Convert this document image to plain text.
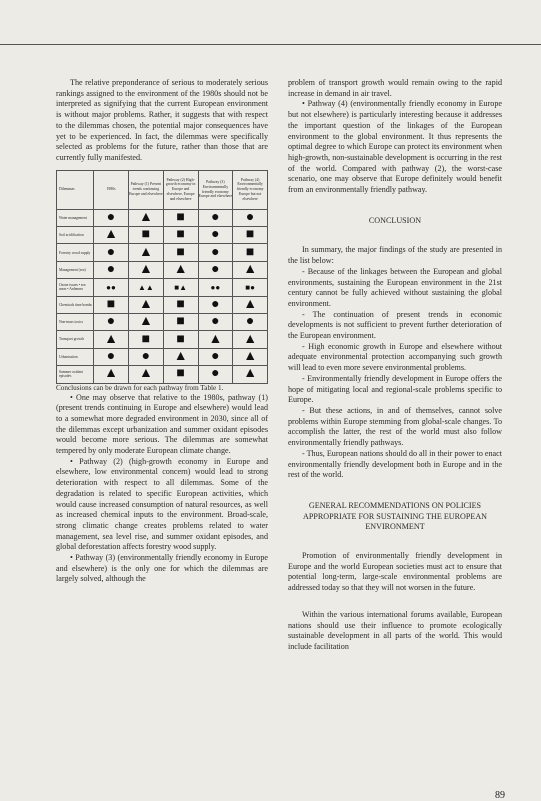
The relative preponderance of serious to moderately serious rankings assigned to the environment of the 1980s should not be interpreted as signifying that the current European environment is without major problems. Rather, it suggests that with respect to the dilemmas chosen, the potential major consequences have yet to be experienced. In fact, the dilemmas were specifically selected as problems for the future, rather than those that are currently fully manifested.

Dilemmas	1980s	Pathway (1) Present trends continuing Europe and elsewhere	Pathway (2) High-growth economy in Europe and elsewhere, Europe and elsewhere	Pathway (3) Environmentally friendly economy Europe and elsewhere	Pathway (4) Environmentally friendly economy Europe but not elsewhere
Water management	●	▲	■	●	●
Soil acidification	▲	■	■	●	■
Forestry wood supply	●	▲	■	●	■
Management (sea)	●	▲	▲	●	▲
Ozone issues • sea areas • Ardennes	●●	▲▲	■▲	●●	■●
Chemicals time bombs	■	▲	■	●	▲
Non-mass toxics	●	▲	■	●	●
Transport growth	▲	■	■	▲	▲
Urbanisation	●	●	▲	●	▲
Summer oxidant episodes	▲	▲	■	●	▲

Conclusions can be drawn for each pathway from Table 1.

• One may observe that relative to the 1980s, pathway (1) (present trends continuing in Europe and elsewhere) would lead to a somewhat more degraded environment in 2030, since all of the dilemmas except urbanization and summer oxidant episodes would become more serious. The dilemmas are somewhat tempered by only moderate European climate change.

• Pathway (2) (high-growth economy in Europe and elsewhere, low environmental concern) would lead to strong deterioration with respect to all dilemmas. Some of the degradation is related to specific European activities, which would cause increased consumption of natural resources, as well as increased chemical inputs to the environment. Broad-scale, strong climatic change creates problems related to water management, sea level rise, and summer oxidant episodes, and global deforestation affects forestry wood supply.

• Pathway (3) (environmentally friendly economy in Europe and elsewhere) is the only one for which the dilemmas are largely solved, although the

problem of transport growth would remain owing to the rapid increase in demand in air travel.

• Pathway (4) (environmentally friendly economy in Europe but not elsewhere) is particularly interesting because it addresses the important question of the linkages of the European environment to the global environment. It thus represents the optimal degree to which Europe can protect its environment when high-growth, non-sustainable development is occurring in the rest of the world. Compared with pathway (2), the worst-case scenario, one may observe that Europe definitely would benefit from an environmentally friendly pathway.

CONCLUSION

In summary, the major findings of the study are presented in the list below:

- Because of the linkages between the European and global environments, sustaining the European environment in the 21st century cannot be fully achieved without sustaining the global environment.

- The continuation of present trends in economic developments is not sufficient to prevent further deterioration of the European environment.

- High economic growth in Europe and elsewhere without adequate environmental protection accompanying such growth will lead to even more severe environmental problems.

- Environmentally friendly development in Europe offers the hope of mitigating local and regional-scale problems specific to Europe.

- But these actions, in and of themselves, cannot solve problems within Europe stemming from global-scale changes. To accomplish the latter, the rest of the world must also follow environmentally friendly pathways.

- Thus, European nations should do all in their power to enact environmentally friendly development both in Europe and in the rest of the world.

GENERAL RECOMMENDATIONS ON POLICIES APPROPRIATE FOR SUSTAINING THE EUROPEAN ENVIRONMENT

Promotion of environmentally friendly development in Europe and the world European societies must act to ensure that potential long-term, large-scale environmental problems are addressed today so that they will not worsen in the future.

Within the various international forums available, European nations should use their influence to promote ecologically sustainable development in all parts of the world. This would include facilitation

89
